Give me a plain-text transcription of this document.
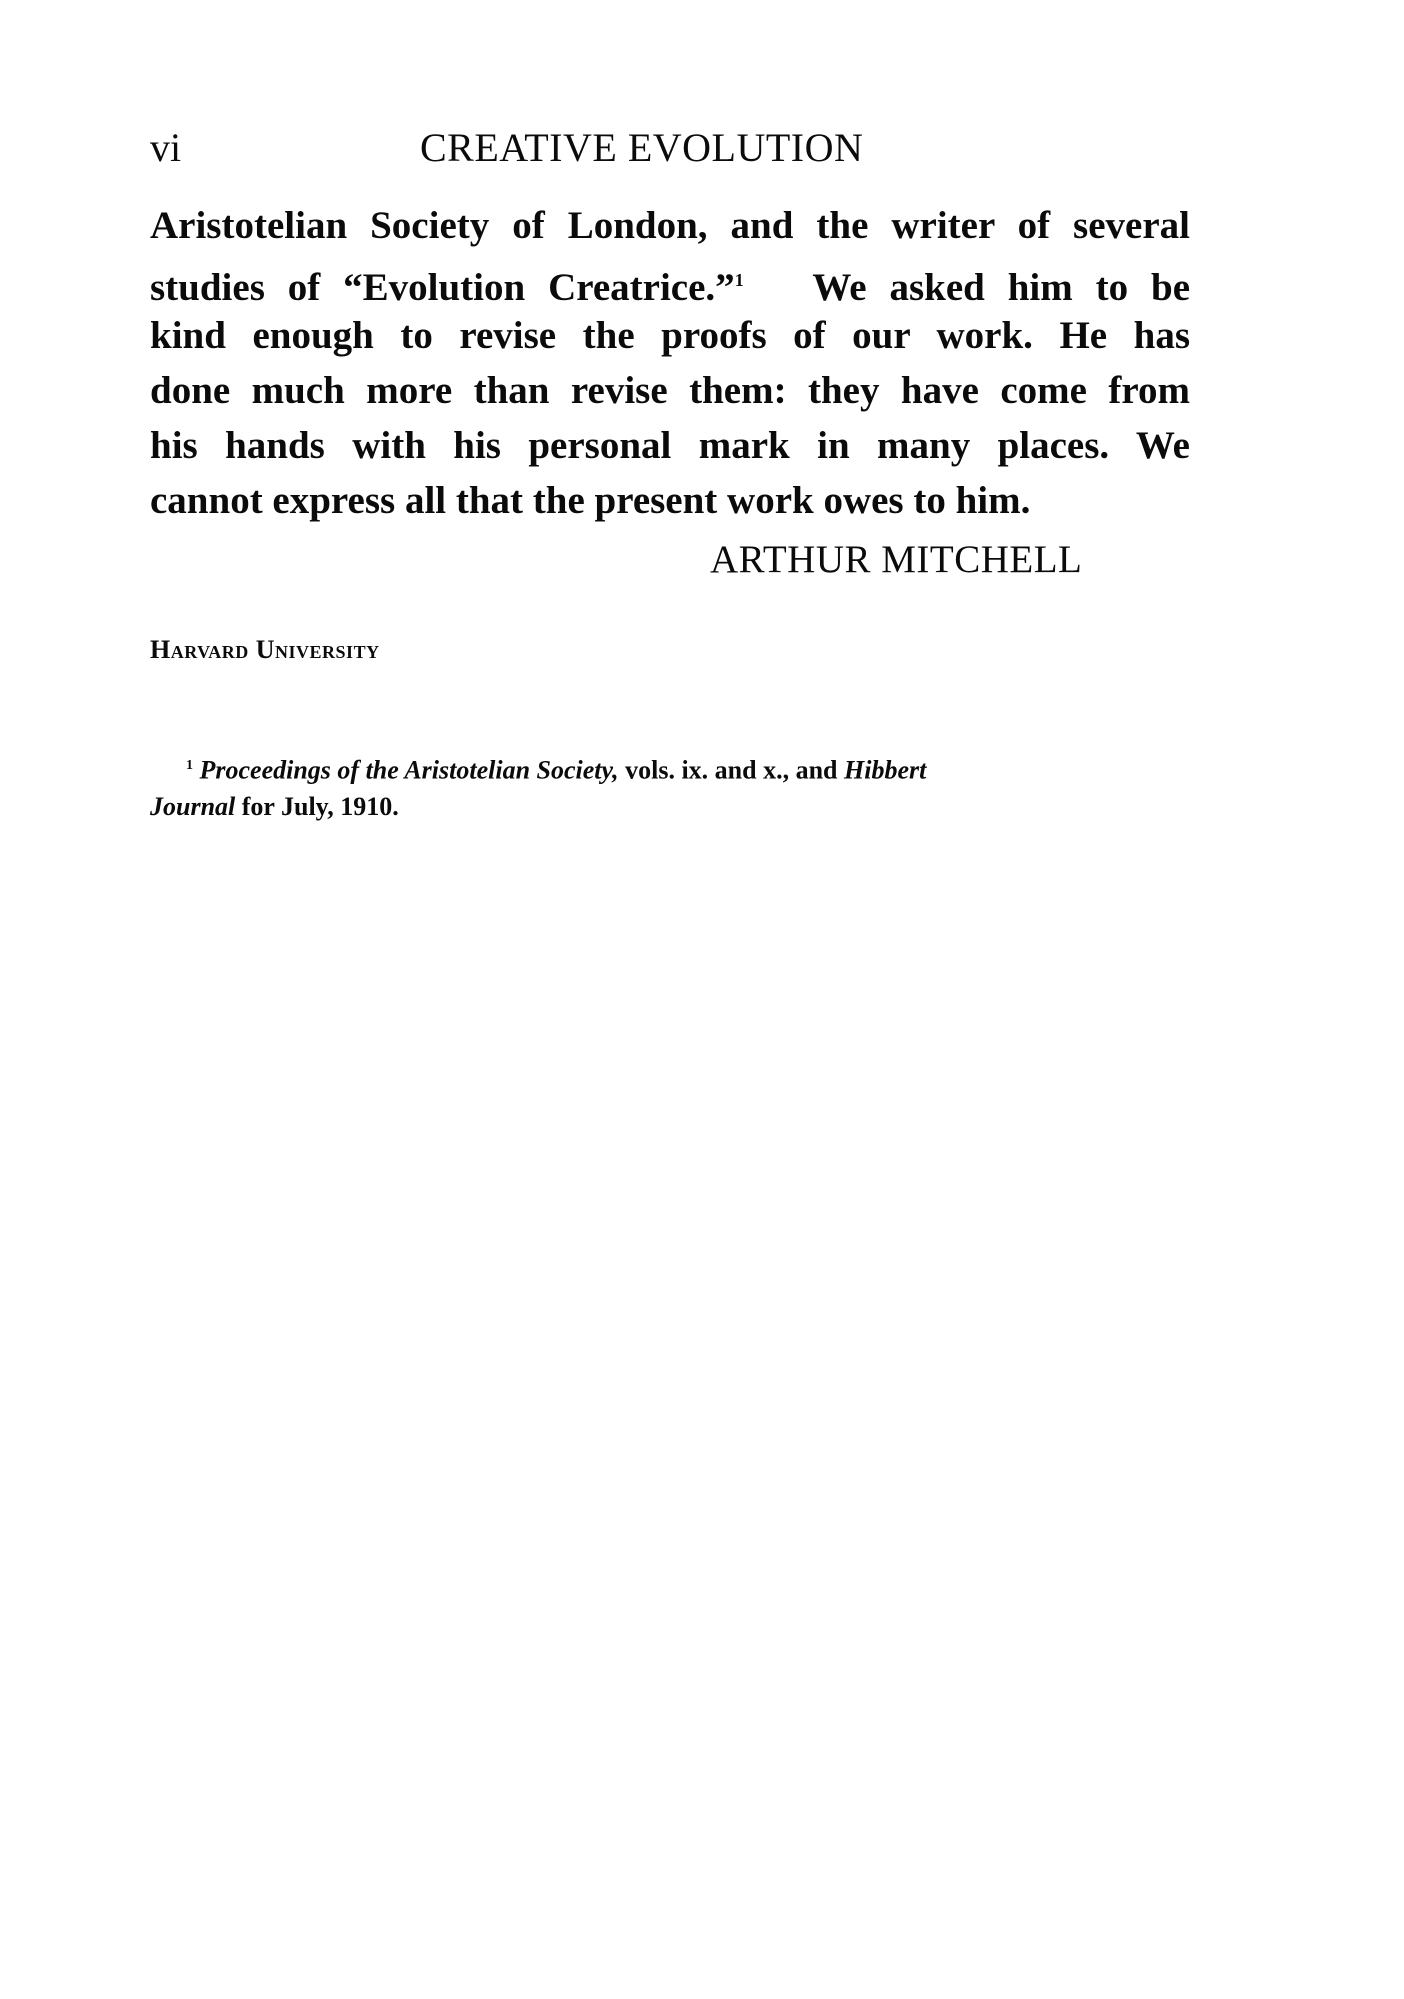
vi	CREATIVE EVOLUTION
Aristotelian Society of London, and the writer of several
studies of “Evolution Creatrice.”$^1$ We asked him to be
kind enough to revise the proofs of our work. He has
done much more than revise them: they have come from
his hands with his personal mark in many places. We
cannot express all that the present work owes to him.
ARTHUR MITCHELL
Harvard University
$^1$ Proceedings of the Aristotelian Society, vols. ix. and x., and Hibbert
Journal for July, 1910.
